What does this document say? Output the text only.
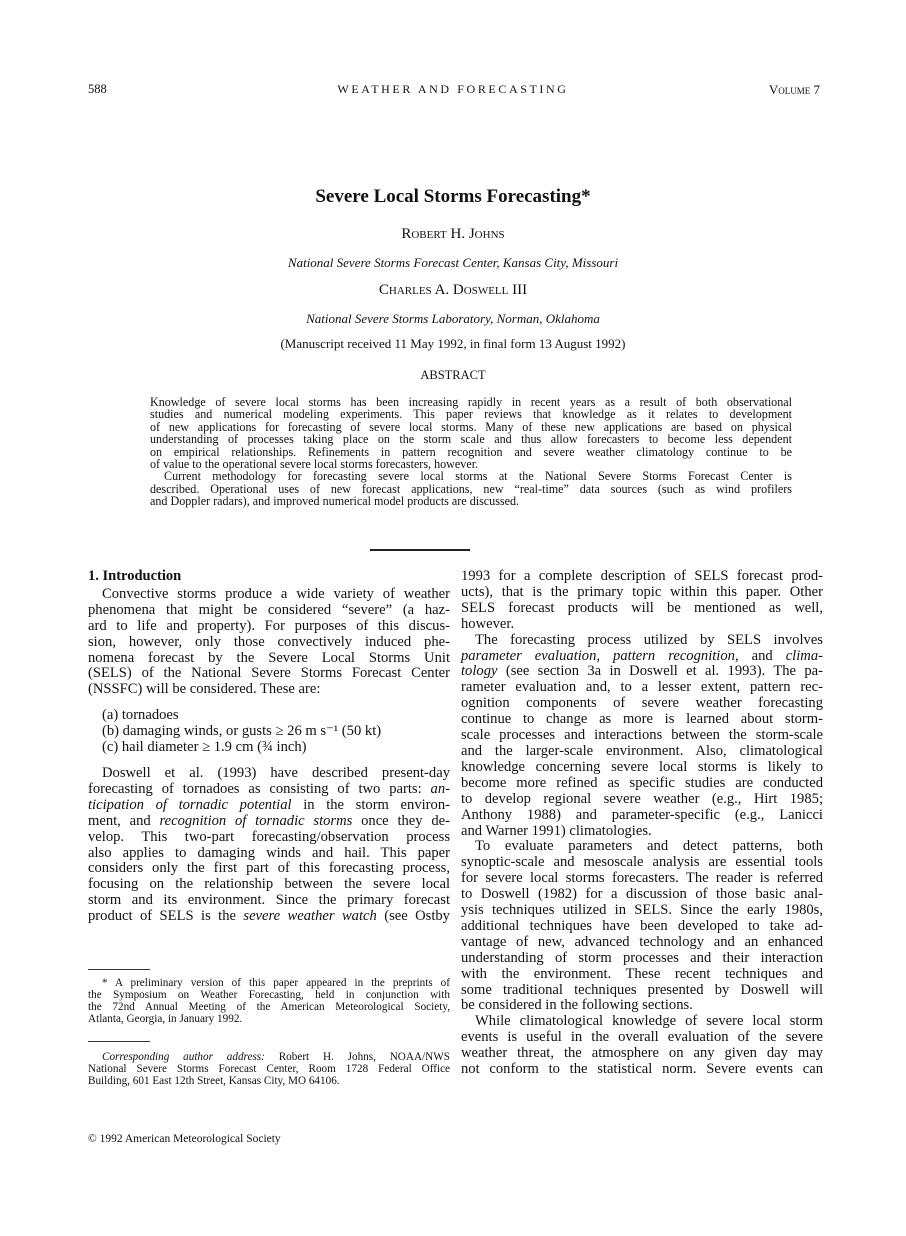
588	WEATHER AND FORECASTING	Volume 7
Severe Local Storms Forecasting*
Robert H. Johns
National Severe Storms Forecast Center, Kansas City, Missouri
Charles A. Doswell III
National Severe Storms Laboratory, Norman, Oklahoma
(Manuscript received 11 May 1992, in final form 13 August 1992)
ABSTRACT
Knowledge of severe local storms has been increasing rapidly in recent years as a result of both observational
studies and numerical modeling experiments. This paper reviews that knowledge as it relates to development
of new applications for forecasting of severe local storms. Many of these new applications are based on physical
understanding of processes taking place on the storm scale and thus allow forecasters to become less dependent
on empirical relationships. Refinements in pattern recognition and severe weather climatology continue to be
of value to the operational severe local storms forecasters, however.
Current methodology for forecasting severe local storms at the National Severe Storms Forecast Center is
described. Operational uses of new forecast applications, new “real-time” data sources (such as wind profilers
and Doppler radars), and improved numerical model products are discussed.
1. Introduction
Convective storms produce a wide variety of weather
phenomena that might be considered “severe” (a haz-
ard to life and property). For purposes of this discus-
sion, however, only those convectively induced phe-
nomena forecast by the Severe Local Storms Unit
(SELS) of the National Severe Storms Forecast Center
(NSSFC) will be considered. These are:
(a) tornadoes
(b) damaging winds, or gusts ≥ 26 m s⁻¹ (50 kt)
(c) hail diameter ≥ 1.9 cm (¾ inch)
Doswell et al. (1993) have described present-day
forecasting of tornadoes as consisting of two parts: an-
ticipation of tornadic potential in the storm environ-
ment, and recognition of tornadic storms once they de-
velop. This two-part forecasting/observation process
also applies to damaging winds and hail. This paper
considers only the first part of this forecasting process,
focusing on the relationship between the severe local
storm and its environment. Since the primary forecast
product of SELS is the severe weather watch (see Ostby
1993 for a complete description of SELS forecast prod-
ucts), that is the primary topic within this paper. Other
SELS forecast products will be mentioned as well,
however.
The forecasting process utilized by SELS involves
parameter evaluation, pattern recognition, and clima-
tology (see section 3a in Doswell et al. 1993). The pa-
rameter evaluation and, to a lesser extent, pattern rec-
ognition components of severe weather forecasting
continue to change as more is learned about storm-
scale processes and interactions between the storm-scale
and the larger-scale environment. Also, climatological
knowledge concerning severe local storms is likely to
become more refined as specific studies are conducted
to develop regional severe weather (e.g., Hirt 1985;
Anthony 1988) and parameter-specific (e.g., Lanicci
and Warner 1991) climatologies.
To evaluate parameters and detect patterns, both
synoptic-scale and mesoscale analysis are essential tools
for severe local storms forecasters. The reader is referred
to Doswell (1982) for a discussion of those basic anal-
ysis techniques utilized in SELS. Since the early 1980s,
additional techniques have been developed to take ad-
vantage of new, advanced technology and an enhanced
understanding of storm processes and their interaction
with the environment. These recent techniques and
some traditional techniques presented by Doswell will
be considered in the following sections.
While climatological knowledge of severe local storm
events is useful in the overall evaluation of the severe
weather threat, the atmosphere on any given day may
not conform to the statistical norm. Severe events can
* A preliminary version of this paper appeared in the preprints of
the Symposium on Weather Forecasting, held in conjunction with
the 72nd Annual Meeting of the American Meteorological Society,
Atlanta, Georgia, in January 1992.
Corresponding author address: Robert H. Johns, NOAA/NWS
National Severe Storms Forecast Center, Room 1728 Federal Office
Building, 601 East 12th Street, Kansas City, MO 64106.
© 1992 American Meteorological Society
